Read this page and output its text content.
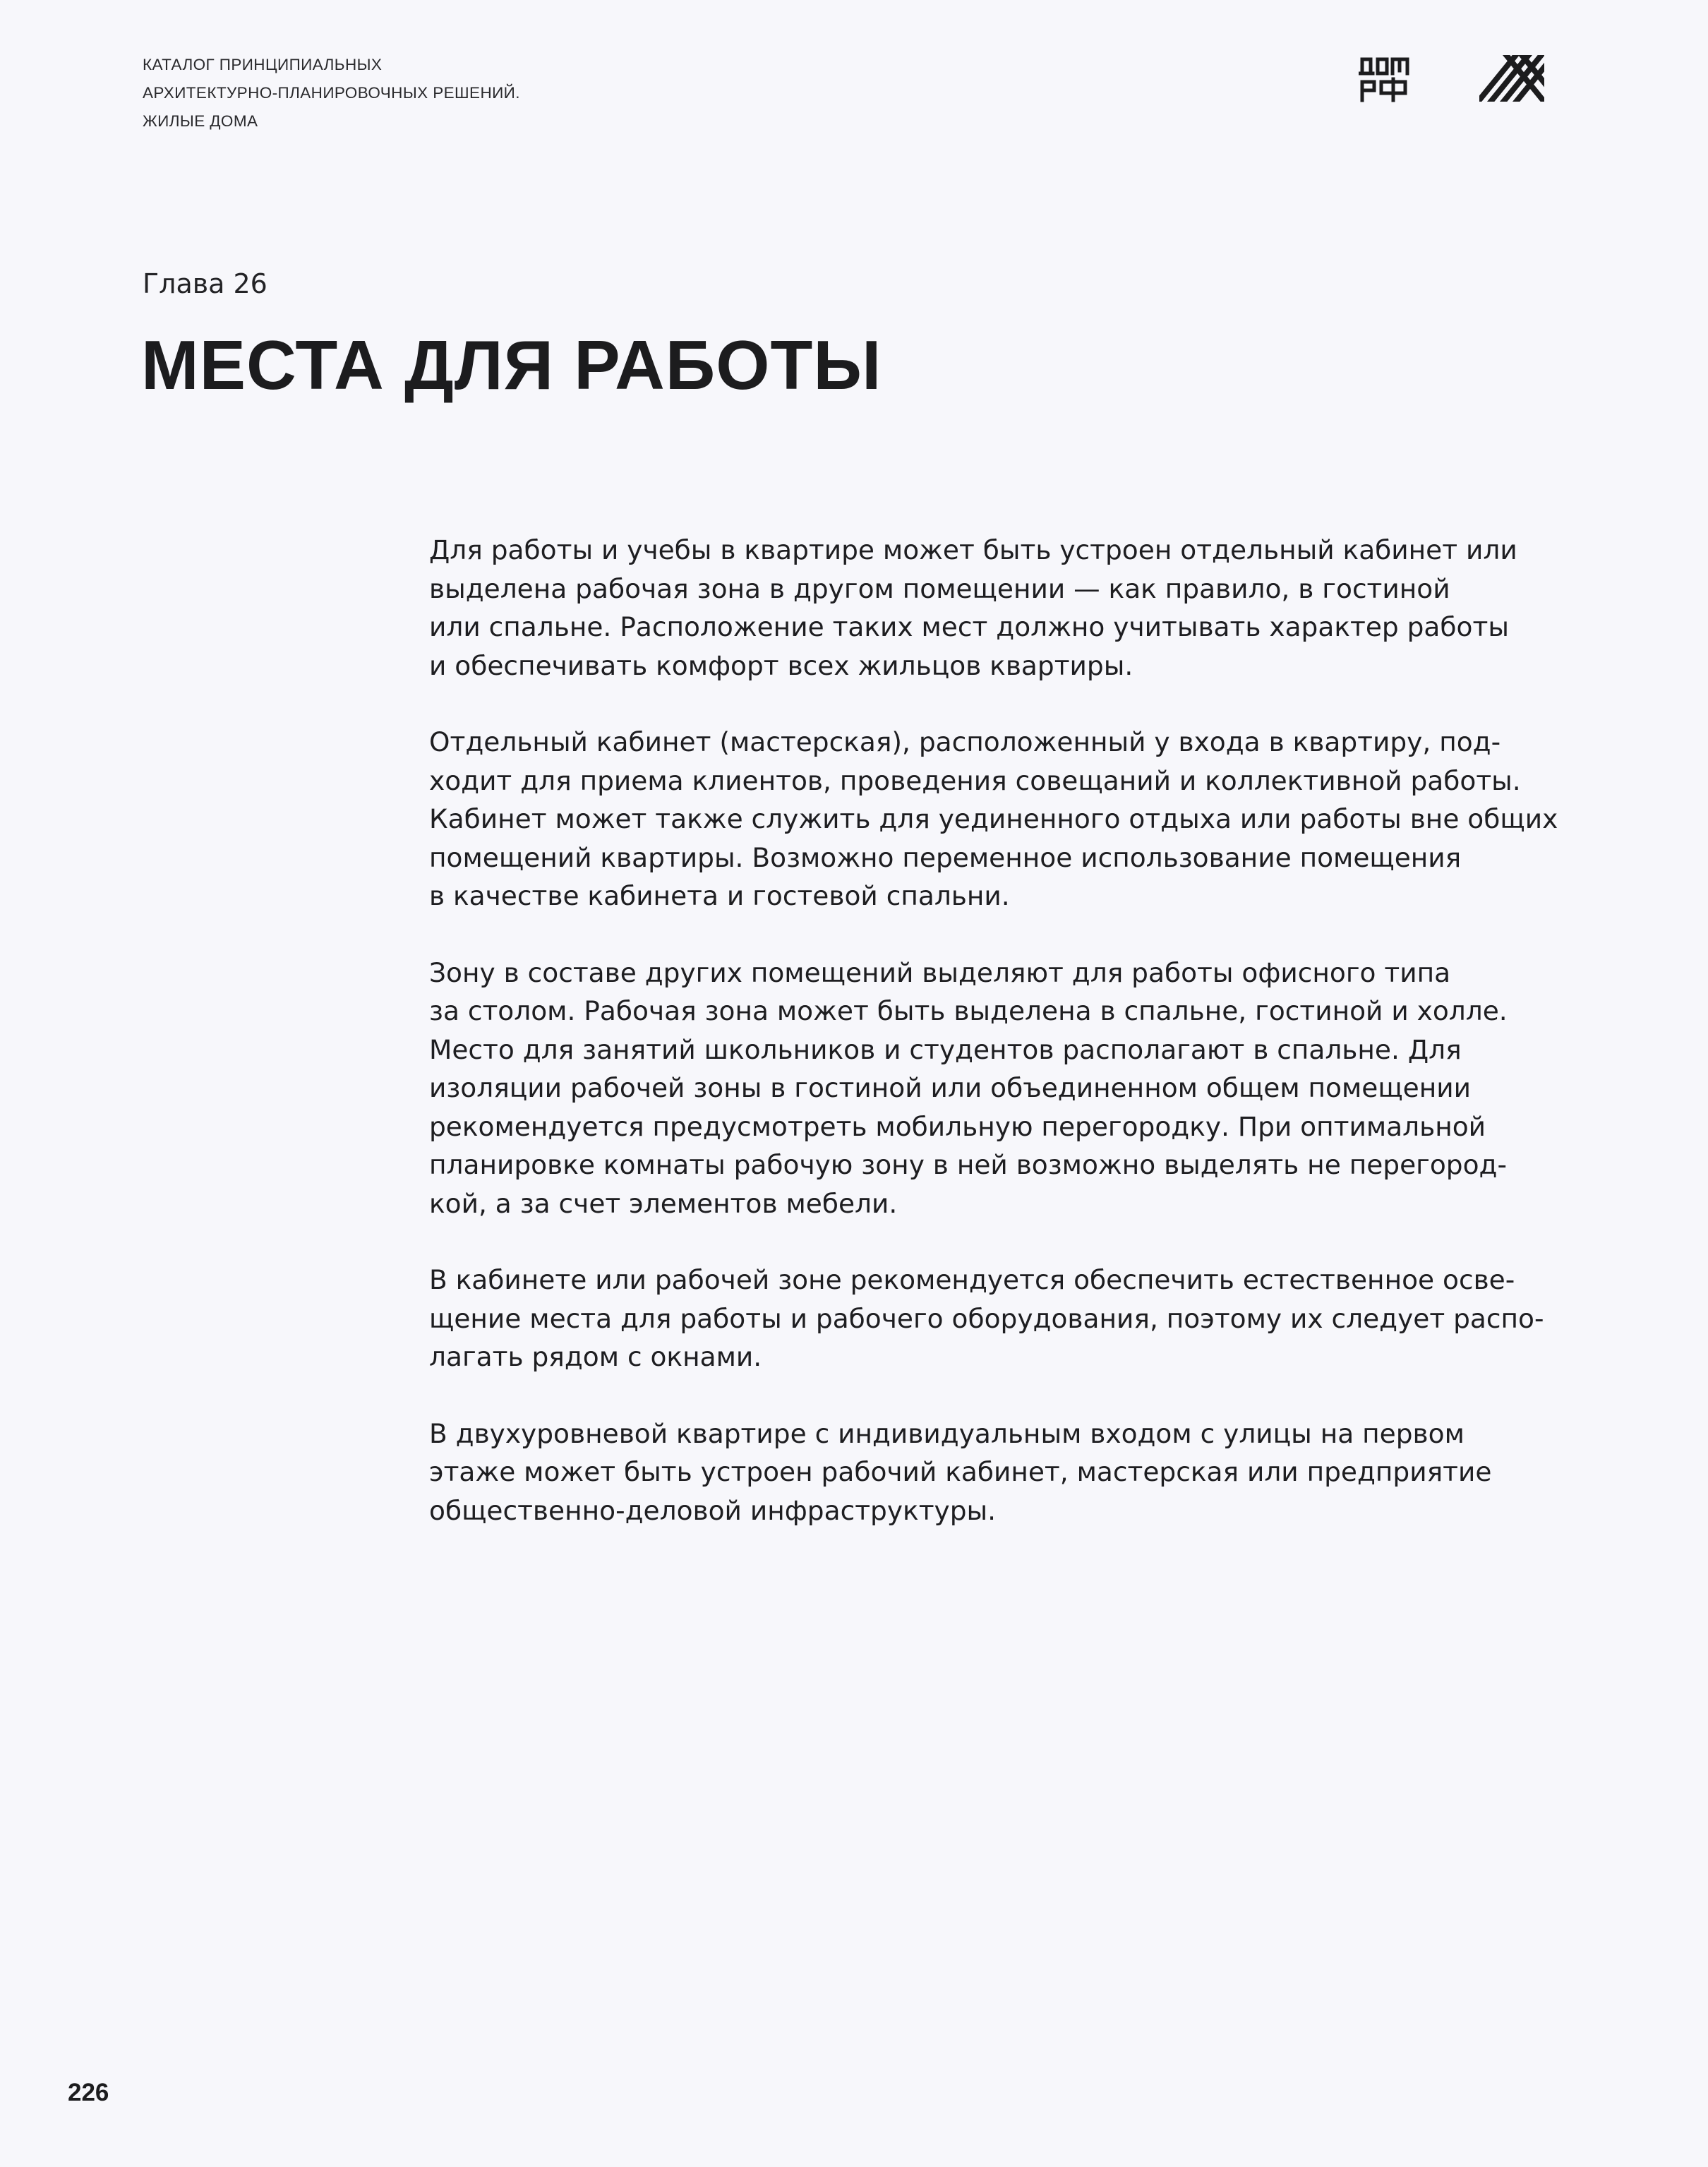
КАТАЛОГ ПРИНЦИПИАЛЬНЫХ
АРХИТЕКТУРНО-ПЛАНИРОВОЧНЫХ РЕШЕНИЙ.
ЖИЛЫЕ ДОМА
Глава 26
МЕСТА ДЛЯ РАБОТЫ

Для работы и учебы в квартире может быть устроен отдельный кабинет или
выделена рабочая зона в другом помещении — как правило, в гостиной
или спальне. Расположение таких мест должно учитывать характер работы
и обеспечивать комфорт всех жильцов квартиры.

Отдельный кабинет (мастерская), расположенный у входа в квартиру, под-
ходит для приема клиентов, проведения совещаний и коллективной работы.
Кабинет может также служить для уединенного отдыха или работы вне общих
помещений квартиры. Возможно переменное использование помещения
в качестве кабинета и гостевой спальни.

Зону в составе других помещений выделяют для работы офисного типа
за столом. Рабочая зона может быть выделена в спальне, гостиной и холле.
Место для занятий школьников и студентов располагают в спальне. Для
изоляции рабочей зоны в гостиной или объединенном общем помещении
рекомендуется предусмотреть мобильную перегородку. При оптимальной
планировке комнаты рабочую зону в ней возможно выделять не перегород-
кой, а за счет элементов мебели.

В кабинете или рабочей зоне рекомендуется обеспечить естественное осве-
щение места для работы и рабочего оборудования, поэтому их следует распо-
лагать рядом с окнами.

В двухуровневой квартире с индивидуальным входом с улицы на первом
этаже может быть устроен рабочий кабинет, мастерская или предприятие
общественно-деловой инфраструктуры.

226
